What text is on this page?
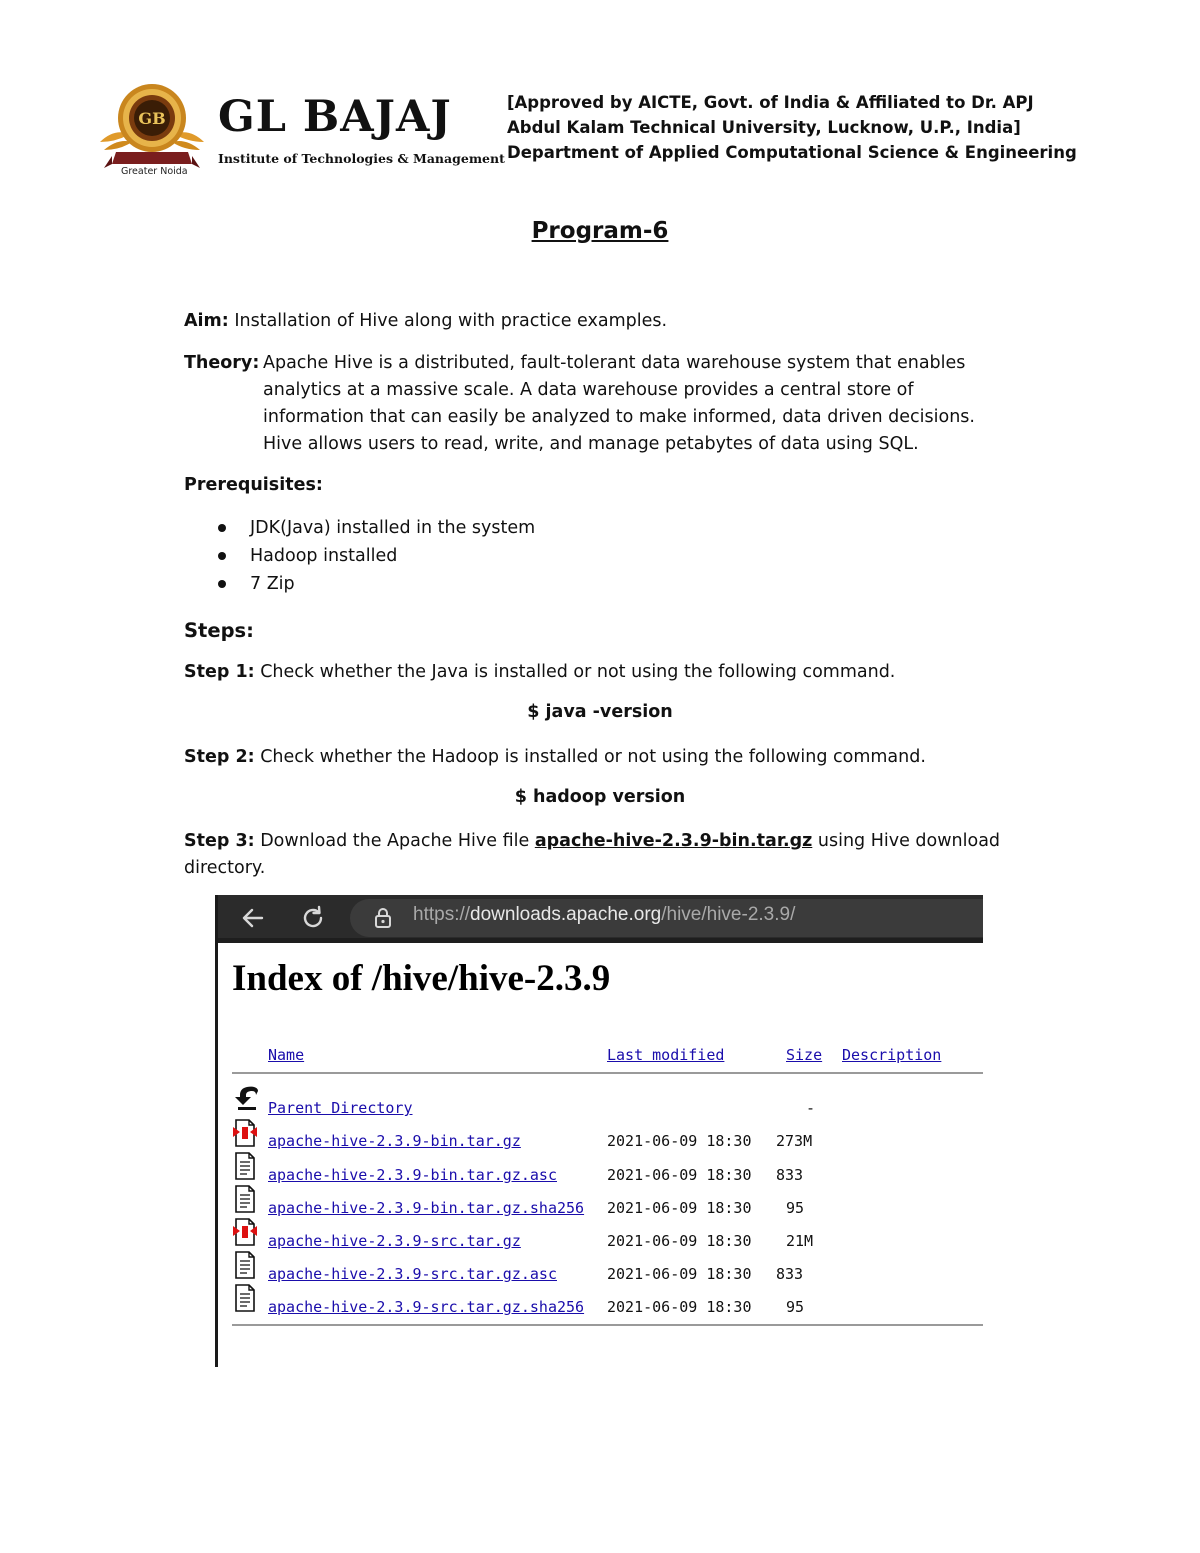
GB GL BAJAJ
Institute of Technologies & Management
Greater Noida
[Approved by AICTE, Govt. of India & Affiliated to Dr. APJ
Abdul Kalam Technical University, Lucknow, U.P., India]
Department of Applied Computational Science & Engineering
Program-6
Aim: Installation of Hive along with practice examples.
Theory: Apache Hive is a distributed, fault-tolerant data warehouse system that enables
analytics at a massive scale. A data warehouse provides a central store of
information that can easily be analyzed to make informed, data driven decisions.
Hive allows users to read, write, and manage petabytes of data using SQL.
Prerequisites:
JDK(Java) installed in the system
Hadoop installed
7 Zip
Steps:
Step 1: Check whether the Java is installed or not using the following command.
$ java -version
Step 2: Check whether the Hadoop is installed or not using the following command.
$ hadoop version
Step 3: Download the Apache Hive file apache-hive-2.3.9-bin.tar.gz using Hive download
directory.
https://downloads.apache.org/hive/hive-2.3.9/
Index of /hive/hive-2.3.9
Name	Last modified	Size Description
Parent Directory	-
apache-hive-2.3.9-bin.tar.gz	2021-06-09 18:30 273M
apache-hive-2.3.9-bin.tar.gz.asc	2021-06-09 18:30 833
apache-hive-2.3.9-bin.tar.gz.sha256 2021-06-09 18:30 95
apache-hive-2.3.9-src.tar.gz	2021-06-09 18:30 21M
apache-hive-2.3.9-src.tar.gz.asc	2021-06-09 18:30 833
apache-hive-2.3.9-src.tar.gz.sha256 2021-06-09 18:30 95
